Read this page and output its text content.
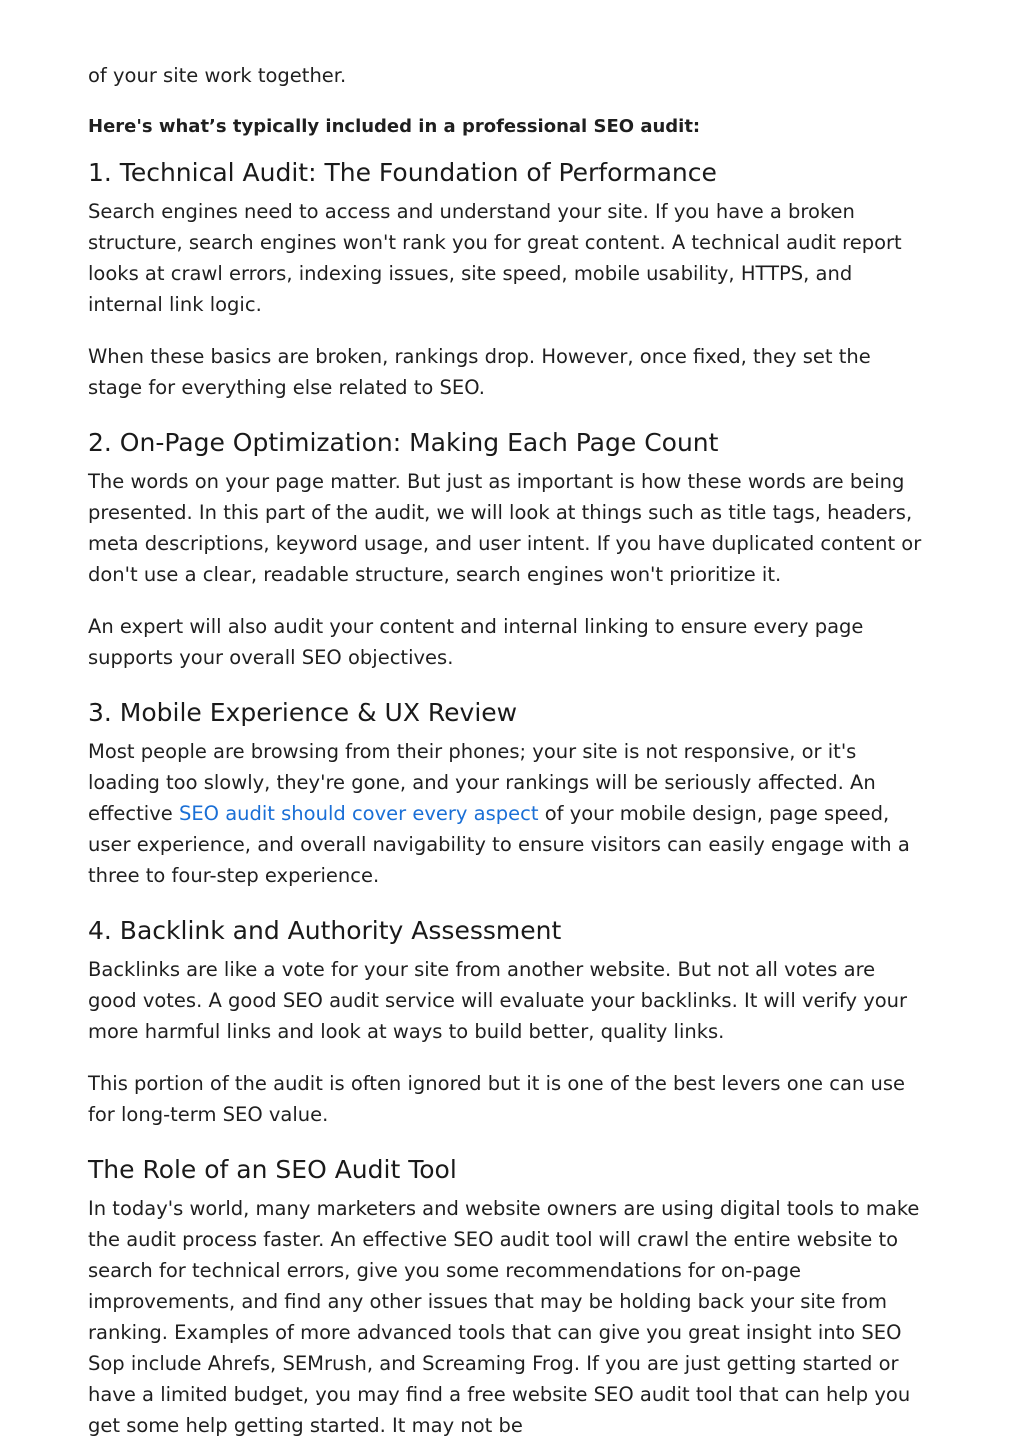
of your site work together.

Here's what’s typically included in a professional SEO audit:

1. Technical Audit: The Foundation of Performance

Search engines need to access and understand your site. If you have a broken structure, search engines won't rank you for great content. A technical audit report looks at crawl errors, indexing issues, site speed, mobile usability, HTTPS, and internal link logic.

When these basics are broken, rankings drop. However, once fixed, they set the stage for everything else related to SEO.

2. On-Page Optimization: Making Each Page Count

The words on your page matter. But just as important is how these words are being presented. In this part of the audit, we will look at things such as title tags, headers, meta descriptions, keyword usage, and user intent. If you have duplicated content or don't use a clear, readable structure, search engines won't prioritize it.

An expert will also audit your content and internal linking to ensure every page supports your overall SEO objectives.

3. Mobile Experience & UX Review

Most people are browsing from their phones; your site is not responsive, or it's loading too slowly, they're gone, and your rankings will be seriously affected. An effective SEO audit should cover every aspect of your mobile design, page speed, user experience, and overall navigability to ensure visitors can easily engage with a three to four-step experience.

4. Backlink and Authority Assessment

Backlinks are like a vote for your site from another website. But not all votes are good votes. A good SEO audit service will evaluate your backlinks. It will verify your more harmful links and look at ways to build better, quality links.

This portion of the audit is often ignored but it is one of the best levers one can use for long-term SEO value.

The Role of an SEO Audit Tool

In today's world, many marketers and website owners are using digital tools to make the audit process faster. An effective SEO audit tool will crawl the entire website to search for technical errors, give you some recommendations for on-page improvements, and find any other issues that may be holding back your site from ranking. Examples of more advanced tools that can give you great insight into SEO Sop include Ahrefs, SEMrush, and Screaming Frog. If you are just getting started or have a limited budget, you may find a free website SEO audit tool that can help you get some help getting started. It may not be
